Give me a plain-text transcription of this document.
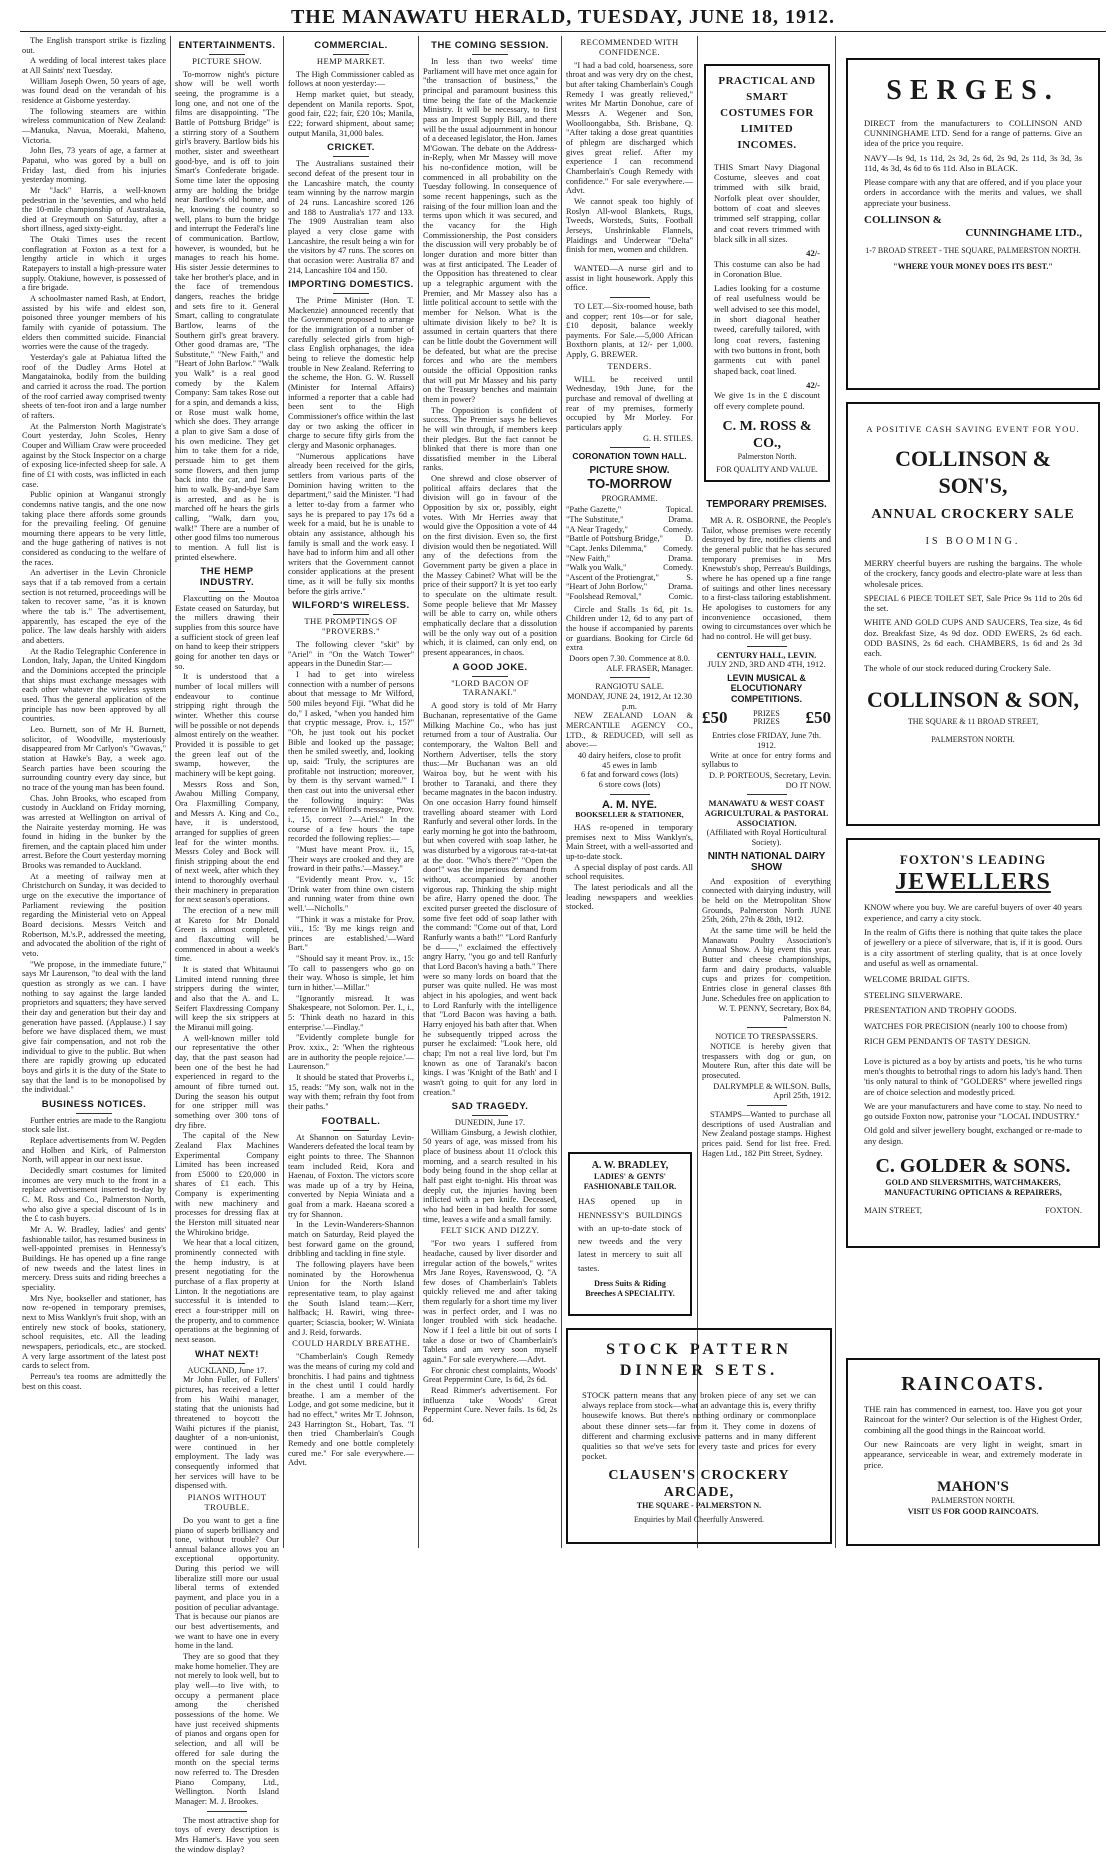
THE MANAWATU HERALD, TUESDAY, JUNE 18, 1912.

The English transport strike is fizzling out.

A wedding of local interest takes place at All Saints' next Tuesday.

William Joseph Owen, 50 years of age, was found dead on the verandah of his residence at Gisborne yesterday.

The following steamers are within wireless communication of New Zealand:—Manuka, Navua, Moeraki, Maheno, Victoria.

John Iles, 73 years of age, a farmer at Papatui, who was gored by a bull on Friday last, died from his injuries yesterday morning.

Mr "Jack" Harris, a well-known pedestrian in the 'seventies, and who held the 10-mile championship of Australasia, died at Greymouth on Saturday, after a short illness, aged sixty-eight.

The Otaki Times uses the recent conflagration at Foxton as a text for a lengthy article in which it urges Ratepayers to install a high-pressure water supply. Otakiune, however, is possessed of a fire brigade.

A schoolmaster named Rash, at Endort, assisted by his wife and eldest son, poisoned three younger members of his family with cyanide of potassium. The elders then committed suicide. Financial worries were the cause of the tragedy.

Yesterday's gale at Pahiatua lifted the roof of the Dudley Arms Hotel at Mangatainoka, bodily from the building and carried it across the road. The portion of the roof carried away comprised twenty sheets of ten-foot iron and a large number of rafters.

At the Palmerston North Magistrate's Court yesterday, John Scoles, Henry Couper and William Craw were proceeded against by the Stock Inspector on a charge of exposing lice-infected sheep for sale. A fine of £1 with costs, was inflicted in each case.

Public opinion at Wanganui strongly condemns native tangis, and the one now taking place there affords some grounds for the prevailing feeling. Of genuine mourning there appears to be very little, and the huge gathering of natives is not considered as conducing to the welfare of the races.

An advertiser in the Levin Chronicle says that if a tab removed from a certain section is not returned, proceedings will be taken to recover same, "as it is known where the tab is." The advertisement, apparently, has escaped the eye of the police. The law deals harshly with aiders and abetters.

At the Radio Telegraphic Conference in London, Italy, Japan, the United Kingdom and the Dominions accepted the principle that ships must exchange messages with each other whatever the wireless system used. Thus the general application of the principle has now been approved by all countries.

Leo. Burnett, son of Mr H. Burnett, solicitor, of Woodville, mysteriously disappeared from Mr Carlyon's "Gwavas," station at Hawke's Bay, a week ago. Search parties have been scouring the surrounding country every day since, but no trace of the young man has been found.

Chas. John Brooks, who escaped from custody in Auckland on Friday morning, was arrested at Wellington on arrival of the Nairaite yesterday morning. He was found in hiding in the bunker by the firemen, and the captain placed him under arrest. Before the Court yesterday morning Brooks was remanded to Auckland.

At a meeting of railway men at Christchurch on Sunday, it was decided to urge on the executive the importance of Parliament reviewing the position regarding the Ministerial veto on Appeal Board decisions. Messrs Veitch and Robertson, M.'s.P., addressed the meeting, and advocated the abolition of the right of veto.

"We propose, in the immediate future," says Mr Laurenson, "to deal with the land question as strongly as we can. I have nothing to say against the large landed proprietors and squatters; they have served their day and generation but their day and generation have passed. (Applause.) I say before we have displaced them, we must give fair compensation, and not rob the individual to give to the public. But when there are rapidly growing up educated boys and girls it is the duty of the State to say that the land is to be monopolised by the individual."

BUSINESS NOTICES.

Further entries are made to the Rangiotu stock sale list.

Replace advertisements from W. Pegden and Holben and Kirk, of Palmerston North, will appear in our next issue.

Decidedly smart costumes for limited incomes are very much to the front in a replace advertisement inserted to-day by C. M. Ross and Co., Palmerston North, who also give a special discount of 1s in the £ to cash buyers.

Mr A. W. Bradley, ladies' and gents' fashionable tailor, has resumed business in well-appointed premises in Hennessy's Buildings. He has opened up a fine range of new tweeds and the latest lines in mercery. Dress suits and riding breeches a speciality.

Mrs Nye, bookseller and stationer, has now re-opened in temporary premises, next to Miss Wanklyn's fruit shop, with an entirely new stock of books, stationery, school requisites, etc. All the leading newspapers, periodicals, etc., are stocked. A very large assortment of the latest post cards to select from.

Perreau's tea rooms are admittedly the best on this coast.

ENTERTAINMENTS.
PICTURE SHOW.

To-morrow night's picture show will be well worth seeing, the programme is a long one, and not one of the films are disappointing. "The Battle of Pottsburg Bridge" is a stirring story of a Southern girl's bravery. Bartlow bids his mother, sister and sweetheart good-bye, and is off to join Smart's Confederate brigade. Some time later the opposing army are holding the bridge near Bartlow's old home, and he, knowing the country so well, plans to burn the bridge and interrupt the Federal's line of communication. Bartlow, however, is wounded, but he manages to reach his home. His sister Jessie determines to take her brother's place, and in the face of tremendous dangers, reaches the bridge and sets fire to it. General Smart, calling to congratulate Bartlow, learns of the Southern girl's great bravery. Other good dramas are, "The Substitute," "New Faith," and "Heart of John Barlow." "Walk you Walk" is a real good comedy by the Kalem Company: Sam takes Rose out for a spin, and demands a kiss, or Rose must walk home, which she does. They arrange a plan to give Sam a dose of his own medicine. They get him to take them for a ride, persuade him to get them some flowers, and then jump back into the car, and leave him to walk. By-and-bye Sam is arrested, and as he is marched off he hears the girls calling, "Walk, darn you, walk!" There are a number of other good films too numerous to mention. A full list is printed elsewhere.

THE HEMP INDUSTRY.

Flaxcutting on the Moutoa Estate ceased on Saturday, but the millers drawing their supplies from this source have a sufficient stock of green leaf on hand to keep their strippers going for another ten days or so.

It is understood that a number of local millers will endeavour to continue stripping right through the winter. Whether this course will be possible or not depends almost entirely on the weather. Provided it is possible to get the green leaf out of the swamp, however, the machinery will be kept going.

Messrs Ross and Son, Awahou Milling Company, Ora Flaxmilling Company, and Messrs A. King and Co., have, it is understood, arranged for supplies of green leaf for the winter months. Messrs Coley and Bock will finish stripping about the end of next week, after which they intend to thoroughly overhaul their machinery in preparation for next season's operations.

The erection of a new mill at Kareto for Mr Donald Green is almost completed, and flaxcutting will be commenced in about a week's time.

It is stated that Whitaunui Limited intend running three strippers during the winter, and also that the A. and L. Seifert Flaxdressing Company will keep the six strippers at the Miranui mill going.

A well-known miller told our representative the other day, that the past season had been one of the best he had experienced in regard to the amount of fibre turned out. During the season his output for one stripper mill was something over 300 tons of dry fibre.

The capital of the New Zealand Flax Machines Experimental Company Limited has been increased from £5000 to £20,000 in shares of £1 each. This Company is experimenting with new machinery and processes for dressing flax at the Herston mill situated near the Whirokino bridge.

We hear that a local citizen, prominently connected with the hemp industry, is at present negotiating for the purchase of a flax property at Linton. It the negotiations are successful it is intended to erect a four-stripper mill on the property, and to commence operations at the beginning of next season.

WHAT NEXT!
AUCKLAND, June 17.

Mr John Fuller, of Fullers' pictures, has received a letter from his Waihi manager, stating that the unionists had threatened to boycott the Waihi pictures if the pianist, daughter of a non-unionist, were continued in her employment. The lady was consequently informed that her services will have to be dispensed with.

PIANOS WITHOUT TROUBLE.

Do you want to get a fine piano of superb brilliancy and tone, without trouble? Our annual balance allows you an exceptional opportunity. During this period we will liberalize still more our usual liberal terms of extended payment, and place you in a position of peculiar advantage. That is because our pianos are our best advertisements, and we want to have one in every home in the land.

They are so good that they make home homelier. They are not merely to look well, but to play well—to live with, to occupy a permanent place among the cherished possessions of the home. We have just received shipments of pianos and organs open for selection, and all will be offered for sale during the month on the special terms now referred to. The Dresden Piano Company, Ltd., Wellington. North Island Manager: M. J. Brookes.

The most attractive shop for toys of every description is Mrs Hamer's. Have you seen the window display?

COMMERCIAL.
HEMP MARKET.

The High Commissioner cabled as follows at noon yesterday:—

Hemp market quiet, but steady, dependent on Manila reports. Spot, good fair, £22; fair, £20 10s; Manila, £22; forward shipment, about same; output Manila, 31,000 bales.

CRICKET.

The Australians sustained their second defeat of the present tour in the Lancashire match, the county team winning by the narrow margin of 24 runs. Lancashire scored 126 and 188 to Australia's 177 and 133. The 1909 Australian team also played a very close game with Lancashire, the result being a win for the visitors by 47 runs. The scores on that occasion were: Australia 87 and 214, Lancashire 104 and 150.

IMPORTING DOMESTICS.

The Prime Minister (Hon. T. Mackenzie) announced recently that the Government proposed to arrange for the immigration of a number of carefully selected girls from high-class English orphanages, the idea being to relieve the domestic help trouble in New Zealand. Referring to the scheme, the Hon. G. W. Russell (Minister for Internal Affairs) informed a reporter that a cable had been sent to the High Commissioner's office within the last day or two asking the officer in charge to secure fifty girls from the clergy and Masonic orphanages.

"Numerous applications have already been received for the girls, settlers from various parts of the Dominion having written to the department," said the Minister. "I had a letter to-day from a farmer who says he is prepared to pay 17s 6d a week for a maid, but he is unable to obtain any assistance, although his family is small and the work easy. I have had to inform him and all other writers that the Government cannot consider applications at the present time, as it will be fully six months before the girls arrive."

WILFORD'S WIRELESS.
THE PROMPTINGS OF "PROVERBS."

The following clever "skit" by "Ariel" in "On the Watch Tower" appears in the Dunedin Star:—

I had to get into wireless connection with a number of persons about that message to Mr Wilford, 500 miles beyond Fiji. "What did he do," I asked, "when you handed him that cryptic message, Prov. i., 15?" "Oh, he just took out his pocket Bible and looked up the passage; then he smiled sweetly, and, looking up, said: 'Truly, the scriptures are profitable not instruction; moreover, by them is thy servant warned.'" I then cast out into the universal ether the following inquiry: "Was reference in Wilford's message, Prov. i., 15, correct ?—Ariel." In the course of a few hours the tape recorded the following replies:—

"Must have meant Prov. ii., 15, 'Their ways are crooked and they are froward in their paths.'—Massey."

"Evidently meant Prov. v., 15: 'Drink water from thine own cistern and running water from thine own well.'—Nicholls."

"Think it was a mistake for Prov. viii., 15: 'By me kings reign and princes are established.'—Ward Bart."

"Should say it meant Prov. ix., 15: 'To call to passengers who go on their way. Whoso is simple, let him turn in hither.'—Millar."

"Ignorantly misread. It was Shakespeare, not Solomon. Per. I., i., 5: 'Think death no hazard in this enterprise.'—Findlay."

"Evidently complete bungle for Prov. xxix., 2: 'When the righteous are in authority the people rejoice.'—Laurenson."

It should be stated that Proverbs i., 15, reads: "My son, walk not in the way with them; refrain thy foot from their paths."

FOOTBALL.

At Shannon on Saturday Levin-Wanderers defeated the local team by eight points to three. The Shannon team included Reid, Kora and Haenau, of Foxton. The victors score was made up of a try by Heina, converted by Nepia Winiata and a goal from a mark. Haeana scored a try for Shannon.

In the Levin-Wanderers-Shannon match on Saturday, Reid played the best forward game on the ground, dribbling and tackling in fine style.

The following players have been nominated by the Horowhenua Union for the North Island representative team, to play against the South Island team:—Kerr, halfback; H. Rawiri, wing three-quarter; Sciascia, booker; W. Winiata and J. Reid, forwards.

COULD HARDLY BREATHE.

"Chamberlain's Cough Remedy was the means of curing my cold and bronchitis. I had pains and tightness in the chest until I could hardly breathe. I am a member of the Lodge, and got some medicine, but it had no effect," writes Mr T. Johnson, 243 Harrington St., Hobart, Tas. "I then tried Chamberlain's Cough Remedy and one bottle completely cured me." For sale everywhere.—Advt.

THE COMING SESSION.

In less than two weeks' time Parliament will have met once again for "the transaction of business," the principal and paramount business this time being the fate of the Mackenzie Ministry. It will be necessary, to first pass an Imprest Supply Bill, and there will be the usual adjournment in honour of a deceased legislator, the Hon. James M'Gowan. The debate on the Address-in-Reply, when Mr Massey will move his no-confidence motion, will be commenced in all probability on the Tuesday following. In consequence of some recent happenings, such as the raising of the four million loan and the terms upon which it was secured, and the vacancy for the High Commissionership, the Post considers the discussion will very probably be of longer duration and more bitter than was at first anticipated. The Leader of the Opposition has threatened to clear up a telegraphic argument with the Premier, and Mr Massey also has a little political account to settle with the member for Nelson. What is the ultimate division likely to be? It is assumed in certain quarters that there can be little doubt the Government will be defeated, but what are the precise forces and who are the members outside the official Opposition ranks that will put Mr Massey and his party on the Treasury benches and maintain them in power?

The Opposition is confident of success. The Premier says he believes he will win through, if members keep their pledges. But the fact cannot be blinked that there is more than one dissatisfied member in the Liberal ranks.

One shrewd and close observer of political affairs declares that the division will go in favour of the Opposition by six or, possibly, eight votes. With Mr Herries away that would give the Opposition a vote of 44 on the first division. Even so, the first division would then be negotiated. Will any of the defections from the Government party be given a place in the Massey Cabinet? What will be the price of their support? It is yet too early to speculate on the ultimate result. Some people believe that Mr Massey will be able to carry on, while others emphatically declare that a dissolution will be the only way out of a position which, it is claimed, can only end, on present appearances, in chaos.

A GOOD JOKE.
"LORD BACON OF TARANAKI."

A good story is told of Mr Harry Buchanan, representative of the Game Milking Machine Co., who has just returned from a tour of Australia. Our contemporary, the Walton Bell and Northern Advertiser, tells the story thus:—Mr Buchanan was an old Wairoa boy, but he went with his brother to Taranaki, and there they became magnates in the bacon industry. On one occasion Harry found himself travelling aboard steamer with Lord Ranfurly and several other lords. In the early morning he got into the bathroom, but when covered with soap lather, he was disturbed by a vigorous rat-a-tat-tat at the door. "Who's there?" "Open the door!" was the imperious demand from without, accompanied by another vigorous rap. Thinking the ship might be afire, Harry opened the door. The excited purser greeted the disclosure of some five feet odd of soap lather with the command: "Come out of that, Lord Ranfurly wants a bath!" "Lord Ranfurly be d——," exclaimed the effectively angry Harry, "you go and tell Ranfurly that Lord Bacon's having a bath." There were so many lords on board that the purser was quite nulled. He was most abject in his apologies, and went back to Lord Ranfurly with the intelligence that "Lord Bacon was having a bath. Harry enjoyed his bath after that. When he subsequently tripped across the purser he exclaimed: "Look here, old chap; I'm not a real live lord, but I'm known as one of Taranaki's bacon kings. I was 'Knight of the Bath' and I wasn't going to quit for any lord in creation."

SAD TRAGEDY.
DUNEDIN, June 17.

William Ginsburg, a Jewish clothier, 50 years of age, was missed from his place of business about 11 o'clock this morning, and a search resulted in his body being found in the shop cellar at half past eight to-night. His throat was deeply cut, the injuries having been inflicted with a pen knife. Deceased, who had been in bad health for some time, leaves a wife and a small family.

FELT SICK AND DIZZY.

"For two years I suffered from headache, caused by liver disorder and irregular action of the bowels," writes Mrs Jane Royes, Ravenswood, Q. "A few doses of Chamberlain's Tablets quickly relieved me and after taking them regularly for a short time my liver was in perfect order, and I was no longer troubled with sick headache. Now if I feel a little bit out of sorts I take a dose or two of Chamberlain's Tablets and am very soon myself again." For sale everywhere.—Advt.

For chronic chest complaints, Woods' Great Peppermint Cure, 1s 6d, 2s 6d.

Read Rimmer's advertisement. For influenza take Woods' Great Peppermint Cure. Never fails. 1s 6d, 2s 6d.

RECOMMENDED WITH CONFIDENCE.

"I had a bad cold, hoarseness, sore throat and was very dry on the chest, but after taking Chamberlain's Cough Remedy I was greatly relieved," writes Mr Martin Donohue, care of Messrs A. Wegener and Son, Woolloongabba, Sth. Brisbane, Q. "After taking a dose great quantities of phlegm are discharged which gives great relief. After my experience I can recommend Chamberlain's Cough Remedy with confidence." For sale everywhere.—Advt.

We cannot speak too highly of Roslyn All-wool Blankets, Rugs, Tweeds, Worsteds, Suits, Football Jerseys, Unshrinkable Flannels, Plaidings and Underwear "Delta" finish for men, women and children.

WANTED—A nurse girl and to assist in light housework. Apply this office.

TO LET.—Six-roomed house, bath and copper; rent 10s—or for sale, £10 deposit, balance weekly payments. For Sale.—5,000 African Boxthorn plants, at 12/- per 1,000. Apply, G. BREWER.

TENDERS.

WILL be received until Wednesday, 19th June, for the purchase and removal of dwelling at rear of my premises, formerly occupied by Mr Morley. For particulars apply

G. H. STILES.
CORONATION TOWN HALL.
PICTURE SHOW.
TO-MORROW
PROGRAMME.
"Pathe Gazette,"	Topical.
"The Substitute,"	Drama.
"A Near Tragedy,"	Comedy.
"Battle of Pottsburg Bridge,"	D.
"Capt. Jenks Dilemma," Comedy.
"New Faith,"	Drama.
"Walk you Walk,"	Comedy.
"Ascent of the Protiengrat,"	S.
"Heart of John Borlow," Drama.
"Foolshead Removal,"	Comic.

Circle and Stalls 1s 6d, pit 1s. Children under 12, 6d to any part of the house if accompanied by parents or guardians. Booking for Circle 6d extra

Doors open 7.30. Commence at 8.0.
ALF. FRASER, Manager.
RANGIOTU SALE.
MONDAY, JUNE 24, 1912, At 12.30 p.m.

NEW ZEALAND LOAN & MERCANTILE AGENCY CO., LTD., & REDUCED, will sell as above:—

40 dairy heifers, close to profit
45 ewes in lamb
6 fat and forward cows (lots)
6 store cows (lots)
A. M. NYE.
BOOKSELLER & STATIONER,

HAS re-opened in temporary premises next to Miss Wanklyn's, Main Street, with a well-assorted and up-to-date stock.

A special display of post cards. All school requisites.

The latest periodicals and all the leading newspapers and weeklies stocked.

A. W. BRADLEY,
LADIES' & GENTS' FASHIONABLE TAILOR.

HAS opened up in HENNESSY'S BUILDINGS with an up-to-date stock of new tweeds and the very latest in mercery to suit all tastes.

Dress Suits & Riding Breeches A SPECIALITY.
PRACTICAL AND SMART COSTUMES FOR LIMITED INCOMES.

THIS Smart Navy Diagonal Costume, sleeves and coat trimmed with silk braid, Norfolk pleat over shoulder, bottom of coat and sleeves trimmed self strapping, collar and coat revers trimmed with black silk in all sizes.

42/-

This costume can also be had in Coronation Blue.

Ladies looking for a costume of real usefulness would be well advised to see this model, in short diagonal heather tweed, carefully tailored, with long coat revers, fastening with two buttons in front, both garments cut with panel shaped back, coat lined.

42/-

We give 1s in the £ discount off every complete pound.

C. M. ROSS & CO.,
Palmerston North.
FOR QUALITY AND VALUE.
TEMPORARY PREMISES.

MR A. R. OSBORNE, the People's Tailor, whose premises were recently destroyed by fire, notifies clients and the general public that he has secured temporary premises in Mrs Knewstub's shop, Perreau's Buildings, where he has opened up a fine range of suitings and other lines necessary to a first-class tailoring establishment. He apologises to customers for any inconvenience occasioned, them owing to circumstances over which he had no control. He will get busy.

CENTURY HALL, LEVIN.
JULY 2ND, 3RD AND 4TH, 1912.
LEVIN MUSICAL & ELOCUTIONARY COMPETITIONS.
£50	PRIZES
PRIZES £50
Entries close FRIDAY, June 7th. 1912.

Write at once for entry forms and syllabus to

D. P. PORTEOUS, Secretary, Levin. DO IT NOW.
MANAWATU & WEST COAST AGRICULTURAL & PASTORAL ASSOCIATION.
(Affiliated with Royal Horticultural Society).
NINTH NATIONAL DAIRY SHOW

And exposition of everything connected with dairying industry, will be held on the Metropolitan Show Grounds, Palmerston North JUNE 25th, 26th, 27th & 28th, 1912.

At the same time will be held the Manawatu Poultry Association's Annual Show. A big event this year. Butter and cheese championships, farm and dairy products, valuable cups and prizes for competition. Entries close in general classes 8th June. Schedules free on application to

W. T. PENNY, Secretary, Box 84, Palmerston N.
NOTICE TO TRESPASSERS.

NOTICE is hereby given that trespassers with dog or gun, on Moutere Run, after this date will be prosecuted.

DALRYMPLE & WILSON. Bulls, April 25th, 1912.

STAMPS—Wanted to purchase all descriptions of used Australian and New Zealand postage stamps. Highest prices paid. Send for list free. Fred. Hagen Ltd., 182 Pitt Street, Sydney.

STOCK PATTERN DINNER SETS.

STOCK pattern means that any broken piece of any set we can always replace from stock—what an advantage this is, every thrifty housewife knows. But there's nothing ordinary or commonplace about these dinner sets—far from it. They come in dozens of different and charming exclusive patterns and in many different qualities so that we've sets for every taste and prices for every pocket.

CLAUSEN'S CROCKERY ARCADE,
THE SQUARE - PALMERSTON N.
Enquiries by Mail Cheerfully Answered.
SERGES.

DIRECT from the manufacturers to COLLINSON AND CUNNINGHAME LTD. Send for a range of patterns. Give an idea of the price you require.

NAVY—Is 9d, 1s 11d, 2s 3d, 2s 6d, 2s 9d, 2s 11d, 3s 3d, 3s 11d, 4s 3d, 4s 6d to 6s 11d. Also in BLACK.

Please compare with any that are offered, and if you place your orders in accordance with the merits and values, we shall appreciate your business.

COLLINSON &
CUNNINGHAME LTD.,
1-7 BROAD STREET - THE SQUARE, PALMERSTON NORTH.
"WHERE YOUR MONEY DOES ITS BEST."
A POSITIVE CASH SAVING EVENT FOR YOU.
COLLINSON & SON'S,
ANNUAL CROCKERY SALE
IS BOOMING.

MERRY cheerful buyers are rushing the bargains. The whole of the crockery, fancy goods and electro-plate ware at less than wholesale prices.

SPECIAL 6 PIECE TOILET SET, Sale Price 9s 11d to 20s 6d the set.

WHITE AND GOLD CUPS AND SAUCERS, Tea size, 4s 6d doz. Breakfast Size, 4s 9d doz. ODD EWERS, 2s 6d each. ODD BASINS, 2s 6d each. CHAMBERS, 1s 6d and 2s 3d each.

The whole of our stock reduced during Crockery Sale.

COLLINSON & SON,
THE SQUARE & 11 BROAD STREET,
PALMERSTON NORTH.
FOXTON'S LEADING
JEWELLERS

KNOW where you buy. We are careful buyers of over 40 years experience, and carry a city stock.

In the realm of Gifts there is nothing that quite takes the place of jewellery or a piece of silverware, that is, if it is good. Ours is a city assortment of sterling quality, that is at once lovely and useful as well as ornamental.

WELCOME BRIDAL GIFTS.
STEELING SILVERWARE.
PRESENTATION AND TROPHY GOODS.
WATCHES FOR PRECISION (nearly 100 to choose from)
RICH GEM PENDANTS OF TASTY DESIGN.

Love is pictured as a boy by artists and poets, 'tis he who turns men's thoughts to betrothal rings to adorn his lady's hand. Then 'tis only natural to think of "GOLDERS" where jewelled rings are of choice selection and modestly priced.

We are your manufacturers and have come to stay. No need to go outside Foxton now, patronise your "LOCAL INDUSTRY."

Old gold and silver jewellery bought, exchanged or re-made to any design.

C. GOLDER & SONS.
GOLD AND SILVERSMITHS, WATCHMAKERS, MANUFACTURING OPTICIANS & REPAIRERS,
MAIN STREET,	FOXTON.
RAINCOATS.

THE rain has commenced in earnest, too. Have you got your Raincoat for the winter? Our selection is of the Highest Order, combining all the good things in the Raincoat world.

Our new Raincoats are very light in weight, smart in appearance, serviceable in wear, and extremely moderate in price.

MAHON'S
PALMERSTON NORTH.
VISIT US FOR GOOD RAINCOATS.
